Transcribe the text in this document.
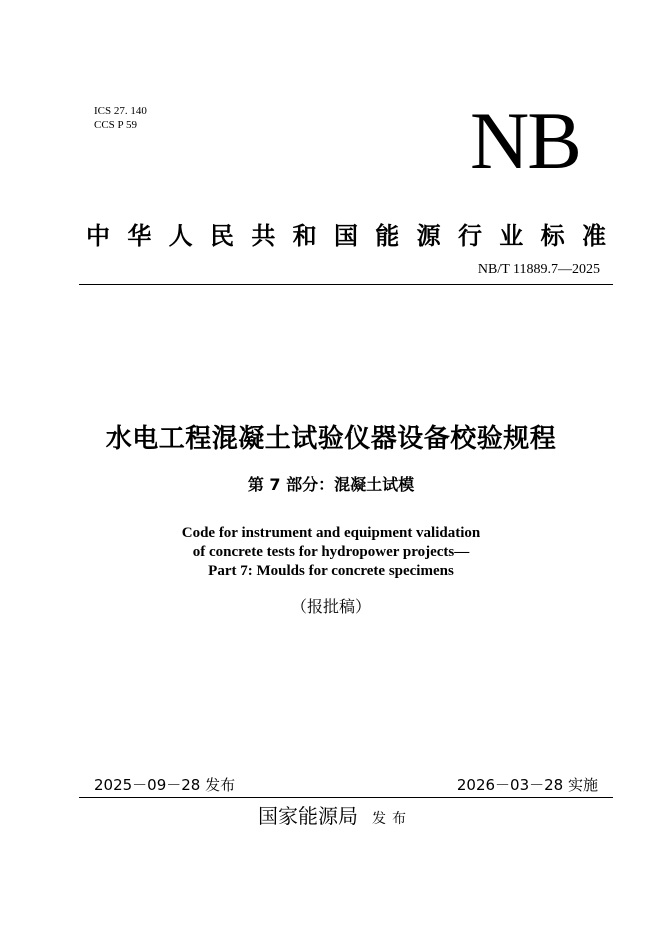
ICS 27. 140
CCS P 59	NB
中 华 人 民 共 和 国 能 源 行 业 标 准
NB/T 11889.7—2025
水电工程混凝土试验仪器设备校验规程
第 7 部分：混凝土试模
Code for instrument and equipment validation
of concrete tests for hydropower projects—
Part 7: Moulds for concrete specimens
（报批稿）
2025－09－28 发布	2026－03－28 实施
国家能源局 发布
